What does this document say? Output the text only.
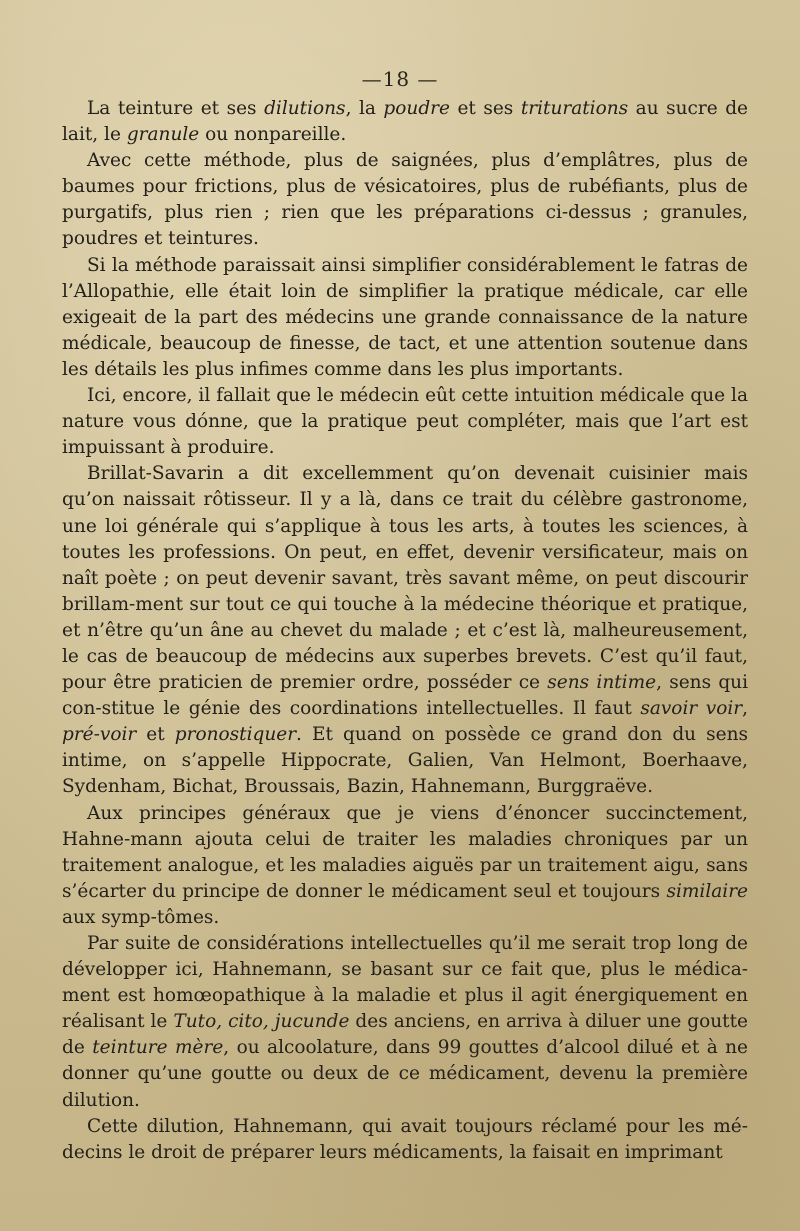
—18 —

La teinture et ses dilutions, la poudre et ses triturations au sucre de lait, le granule ou nonpareille.

Avec cette méthode, plus de saignées, plus d’emplâtres, plus de baumes pour frictions, plus de vésicatoires, plus de rubéfiants, plus de purgatifs, plus rien ; rien que les préparations ci-dessus ; granules, poudres et teintures.

Si la méthode paraissait ainsi simplifier considérablement le fatras de l’Allopathie, elle était loin de simplifier la pratique médicale, car elle exigeait de la part des médecins une grande connaissance de la nature médicale, beaucoup de finesse, de tact, et une attention soutenue dans les détails les plus infimes comme dans les plus importants.

Ici, encore, il fallait que le médecin eût cette intuition médicale que la nature vous dónne, que la pratique peut compléter, mais que l’art est impuissant à produire.

Brillat-Savarin a dit excellemment qu’on devenait cuisinier mais qu’on naissait rôtisseur. Il y a là, dans ce trait du célèbre gastronome, une loi générale qui s’applique à tous les arts, à toutes les sciences, à toutes les professions. On peut, en effet, devenir versificateur, mais on naît poète ; on peut devenir savant, très savant même, on peut discourir brillam-ment sur tout ce qui touche à la médecine théorique et pratique, et n’être qu’un âne au chevet du malade ; et c’est là, malheureusement, le cas de beaucoup de médecins aux superbes brevets. C’est qu’il faut, pour être praticien de premier ordre, posséder ce sens intime, sens qui con-stitue le génie des coordinations intellectuelles. Il faut savoir voir, pré-voir et pronostiquer. Et quand on possède ce grand don du sens intime, on s’appelle Hippocrate, Galien, Van Helmont, Boerhaave, Sydenham, Bichat, Broussais, Bazin, Hahnemann, Burggraëve.

Aux principes généraux que je viens d’énoncer succinctement, Hahne-mann ajouta celui de traiter les maladies chroniques par un traitement analogue, et les maladies aiguës par un traitement aigu, sans s’écarter du principe de donner le médicament seul et toujours similaire aux symp-tômes.

Par suite de considérations intellectuelles qu’il me serait trop long de développer ici, Hahnemann, se basant sur ce fait que, plus le médica-ment est homœopathique à la maladie et plus il agit énergiquement en réalisant le Tuto, cito, jucunde des anciens, en arriva à diluer une goutte de teinture mère, ou alcoolature, dans 99 gouttes d’alcool dilué et à ne donner qu’une goutte ou deux de ce médicament, devenu la première dilution.

Cette dilution, Hahnemann, qui avait toujours réclamé pour les mé-decins le droit de préparer leurs médicaments, la faisait en imprimant
